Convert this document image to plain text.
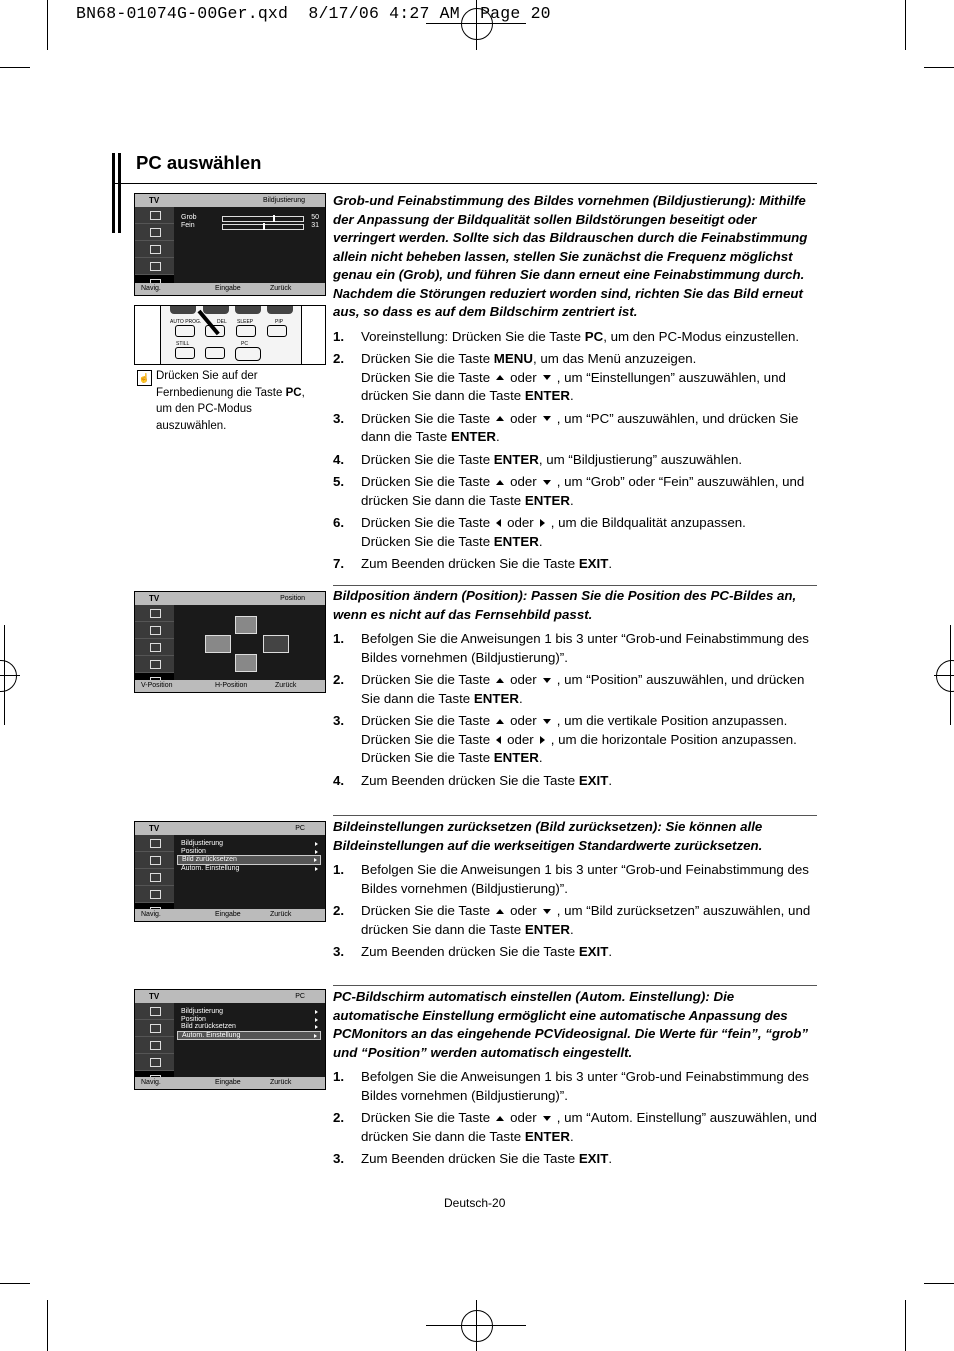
BN68-01074G-00Ger.qxd  8/17/06 4:27 AM  Page 20
PC auswählen
TV	Bildjustierung
Grob	50
Fein	31
Navig.	Eingabe	Zurück
AUTO PROG.	DEL SLEEP	PIP
STILL	PC
☝ Drücken Sie auf der Fernbedienung die Taste PC, um den PC-Modus auszuwählen.
Grob-und Feinabstimmung des Bildes vornehmen (Bildjustierung): Mithilfe der Anpassung der Bildqualität sollen Bildstörungen beseitigt oder verringert werden. Sollte sich das Bildrauschen durch die Feinabstimmung allein nicht beheben lassen, stellen Sie zunächst die Frequenz möglichst genau ein (Grob), und führen Sie dann erneut eine Feinabstimmung durch. Nachdem die Störungen reduziert worden sind, richten Sie das Bild erneut aus, so dass es auf dem Bildschirm zentriert ist.
1. Voreinstellung: Drücken Sie die Taste PC, um den PC-Modus einzustellen.
2. Drücken Sie die Taste MENU, um das Menü anzuzeigen.
Drücken Sie die Taste oder , um “Einstellungen” auszuwählen, und drücken Sie dann die Taste ENTER.
3. Drücken Sie die Taste oder , um “PC” auszuwählen, und drücken Sie dann die Taste ENTER.
4. Drücken Sie die Taste ENTER, um “Bildjustierung” auszuwählen.
5. Drücken Sie die Taste oder , um “Grob” oder “Fein” auszuwählen, und drücken Sie dann die Taste ENTER.
6. Drücken Sie die Taste oder , um die Bildqualität anzupassen.
Drücken Sie die Taste ENTER.
7. Zum Beenden drücken Sie die Taste EXIT.
TV	Position
V-Position	H-Position	Zurück
Bildposition ändern (Position): Passen Sie die Position des PC-Bildes an, wenn es nicht auf das Fernsehbild passt.
1. Befolgen Sie die Anweisungen 1 bis 3 unter “Grob-und Feinabstimmung des Bildes vornehmen (Bildjustierung)”.
2. Drücken Sie die Taste oder , um “Position” auszuwählen, und drücken Sie dann die Taste ENTER.
3. Drücken Sie die Taste oder , um die vertikale Position anzupassen.
Drücken Sie die Taste oder , um die horizontale Position anzupassen.
Drücken Sie die Taste ENTER.
4. Zum Beenden drücken Sie die Taste EXIT.
TV	PC
Bildjustierung
Position
Bild zurücksetzen
Autom. Einstellung
Navig.	Eingabe	Zurück
Bildeinstellungen zurücksetzen (Bild zurücksetzen): Sie können alle Bildeinstellungen auf die werkseitigen Standardwerte zurücksetzen.
1. Befolgen Sie die Anweisungen 1 bis 3 unter “Grob-und Feinabstimmung des Bildes vornehmen (Bildjustierung)”.
2. Drücken Sie die Taste oder , um “Bild zurücksetzen” auszuwählen, und drücken Sie dann die Taste ENTER.
3. Zum Beenden drücken Sie die Taste EXIT.
TV	PC
Bildjustierung
Position
Bild zurücksetzen
Autom. Einstellung
Navig.	Eingabe	Zurück
PC-Bildschirm automatisch einstellen (Autom. Einstellung): Die automatische Einstellung ermöglicht eine automatische Anpassung des PCMonitors an das eingehende PCVideosignal. Die Werte für “fein”, “grob” und “Position” werden automatisch eingestellt.
1. Befolgen Sie die Anweisungen 1 bis 3 unter “Grob-und Feinabstimmung des Bildes vornehmen (Bildjustierung)”.
2. Drücken Sie die Taste oder , um “Autom. Einstellung” auszuwählen, und drücken Sie dann die Taste ENTER.
3. Zum Beenden drücken Sie die Taste EXIT.
Deutsch-20
